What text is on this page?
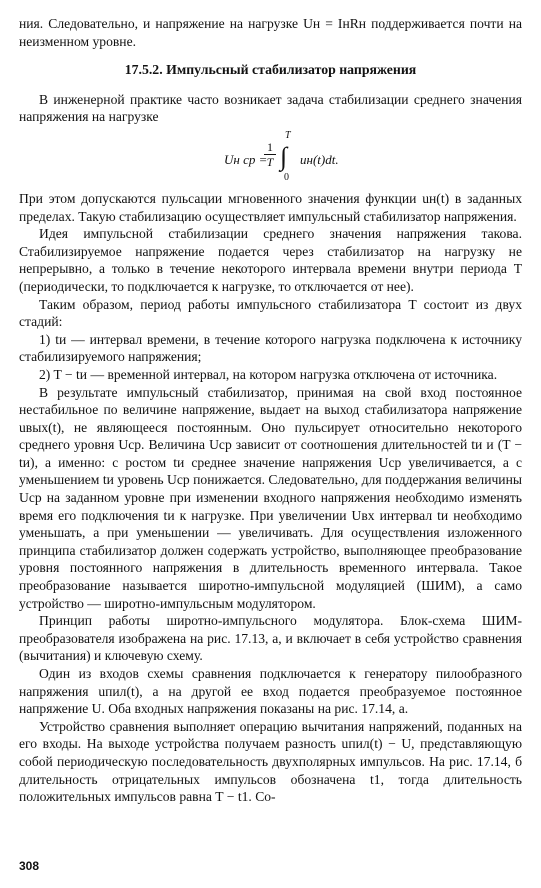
ния. Следовательно, и напряжение на нагрузке Uн = IнRн поддерживается почти на неизменном уровне.

17.5.2. Импульсный стабилизатор напряжения

В инженерной практике часто возникает задача стабилизации среднего значения напряжения на нагрузке

Uн ср =
$\frac{1}{T}$
T
∫
0
uн(t)dt.

При этом допускаются пульсации мгновенного значения функции uн(t) в заданных пределах. Такую стабилизацию осуществляет импульсный стабилизатор напряжения.

Идея импульсной стабилизации среднего значения напряжения такова. Стабилизируемое напряжение подается через стабилизатор на нагрузку не непрерывно, а только в течение некоторого интервала времени внутри периода T (периодически, то подключается к нагрузке, то отключается от нее).

Таким образом, период работы импульсного стабилизатора T состоит из двух стадий:

1) tи — интервал времени, в течение которого нагрузка подключена к источнику стабилизируемого напряжения;

2) T − tи — временной интервал, на котором нагрузка отключена от источника.

В результате импульсный стабилизатор, принимая на свой вход постоянное нестабильное по величине напряжение, выдает на выход стабилизатора напряжение uвых(t), не являющееся постоянным. Оно пульсирует относительно некоторого среднего уровня Uср. Величина Uср зависит от соотношения длительностей tи и (T − tи), а именно: с ростом tи среднее значение напряжения Uср увеличивается, а с уменьшением tи уровень Uср понижается. Следовательно, для поддержания величины Uср на заданном уровне при изменении входного напряжения необходимо изменять время его подключения tи к нагрузке. При увеличении Uвх интервал tи необходимо уменьшать, а при уменьшении — увеличивать. Для осуществления изложенного принципа стабилизатор должен содержать устройство, выполняющее преобразование уровня постоянного напряжения в длительность временного интервала. Такое преобразование называется широтно-импульсной модуляцией (ШИМ), а само устройство — широтно-импульсным модулятором.

Принцип работы широтно-импульсного модулятора. Блок-схема ШИМ-преобразователя изображена на рис. 17.13, а, и включает в себя устройство сравнения (вычитания) и ключевую схему.

Один из входов схемы сравнения подключается к генератору пилообразного напряжения uпил(t), а на другой ее вход подается преобразуемое постоянное напряжение U. Оба входных напряжения показаны на рис. 17.14, а.

Устройство сравнения выполняет операцию вычитания напряжений, поданных на его входы. На выходе устройства получаем разность uпил(t) − U, представляющую собой периодическую последовательность двухполярных импульсов. На рис. 17.14, б длительность отрицательных импульсов обозначена t1, тогда длительность положительных импульсов равна T − t1. Со-

308
